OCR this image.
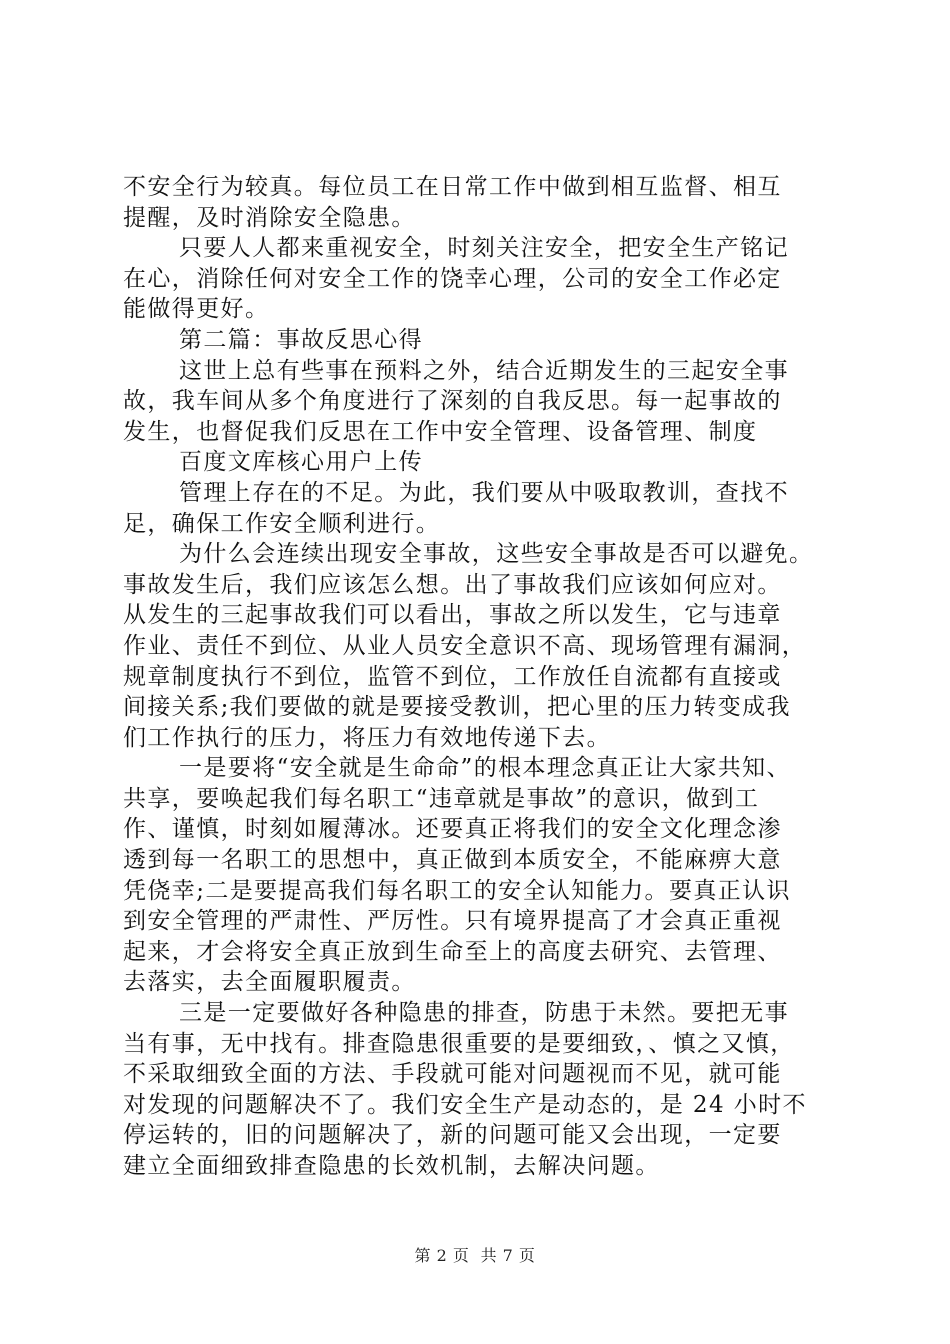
不安全行为较真。每位员工在日常工作中做到相互监督、相互
提醒，及时消除安全隐患。
只要人人都来重视安全，时刻关注安全，把安全生产铭记
在心，消除任何对安全工作的饶幸心理，公司的安全工作必定
能做得更好。
第二篇：事故反思心得
这世上总有些事在预料之外，结合近期发生的三起安全事
故，我车间从多个角度进行了深刻的自我反思。每一起事故的
发生，也督促我们反思在工作中安全管理、设备管理、制度
百度文库核心用户上传
管理上存在的不足。为此，我们要从中吸取教训，查找不
足，确保工作安全顺利进行。
为什么会连续出现安全事故，这些安全事故是否可以避免。
事故发生后，我们应该怎么想。出了事故我们应该如何应对。
从发生的三起事故我们可以看出，事故之所以发生，它与违章
作业、责任不到位、从业人员安全意识不高、现场管理有漏洞，
规章制度执行不到位，监管不到位，工作放任自流都有直接或
间接关系;我们要做的就是要接受教训，把心里的压力转变成我
们工作执行的压力，将压力有效地传递下去。
一是要将“安全就是生命命”的根本理念真正让大家共知、
共享，要唤起我们每名职工“违章就是事故”的意识，做到工
作、谨慎，时刻如履薄冰。还要真正将我们的安全文化理念渗
透到每一名职工的思想中，真正做到本质安全，不能麻痹大意
凭侥幸;二是要提高我们每名职工的安全认知能力。要真正认识
到安全管理的严肃性、严厉性。只有境界提高了才会真正重视
起来，才会将安全真正放到生命至上的高度去研究、去管理、
去落实，去全面履职履责。
三是一定要做好各种隐患的排查，防患于未然。要把无事
当有事，无中找有。排查隐患很重要的是要细致，、慎之又慎，
不采取细致全面的方法、手段就可能对问题视而不见，就可能
对发现的问题解决不了。我们安全生产是动态的，是 24 小时不
停运转的，旧的问题解决了，新的问题可能又会出现，一定要
建立全面细致排查隐患的长效机制，去解决问题。
第 2 页  共 7 页
